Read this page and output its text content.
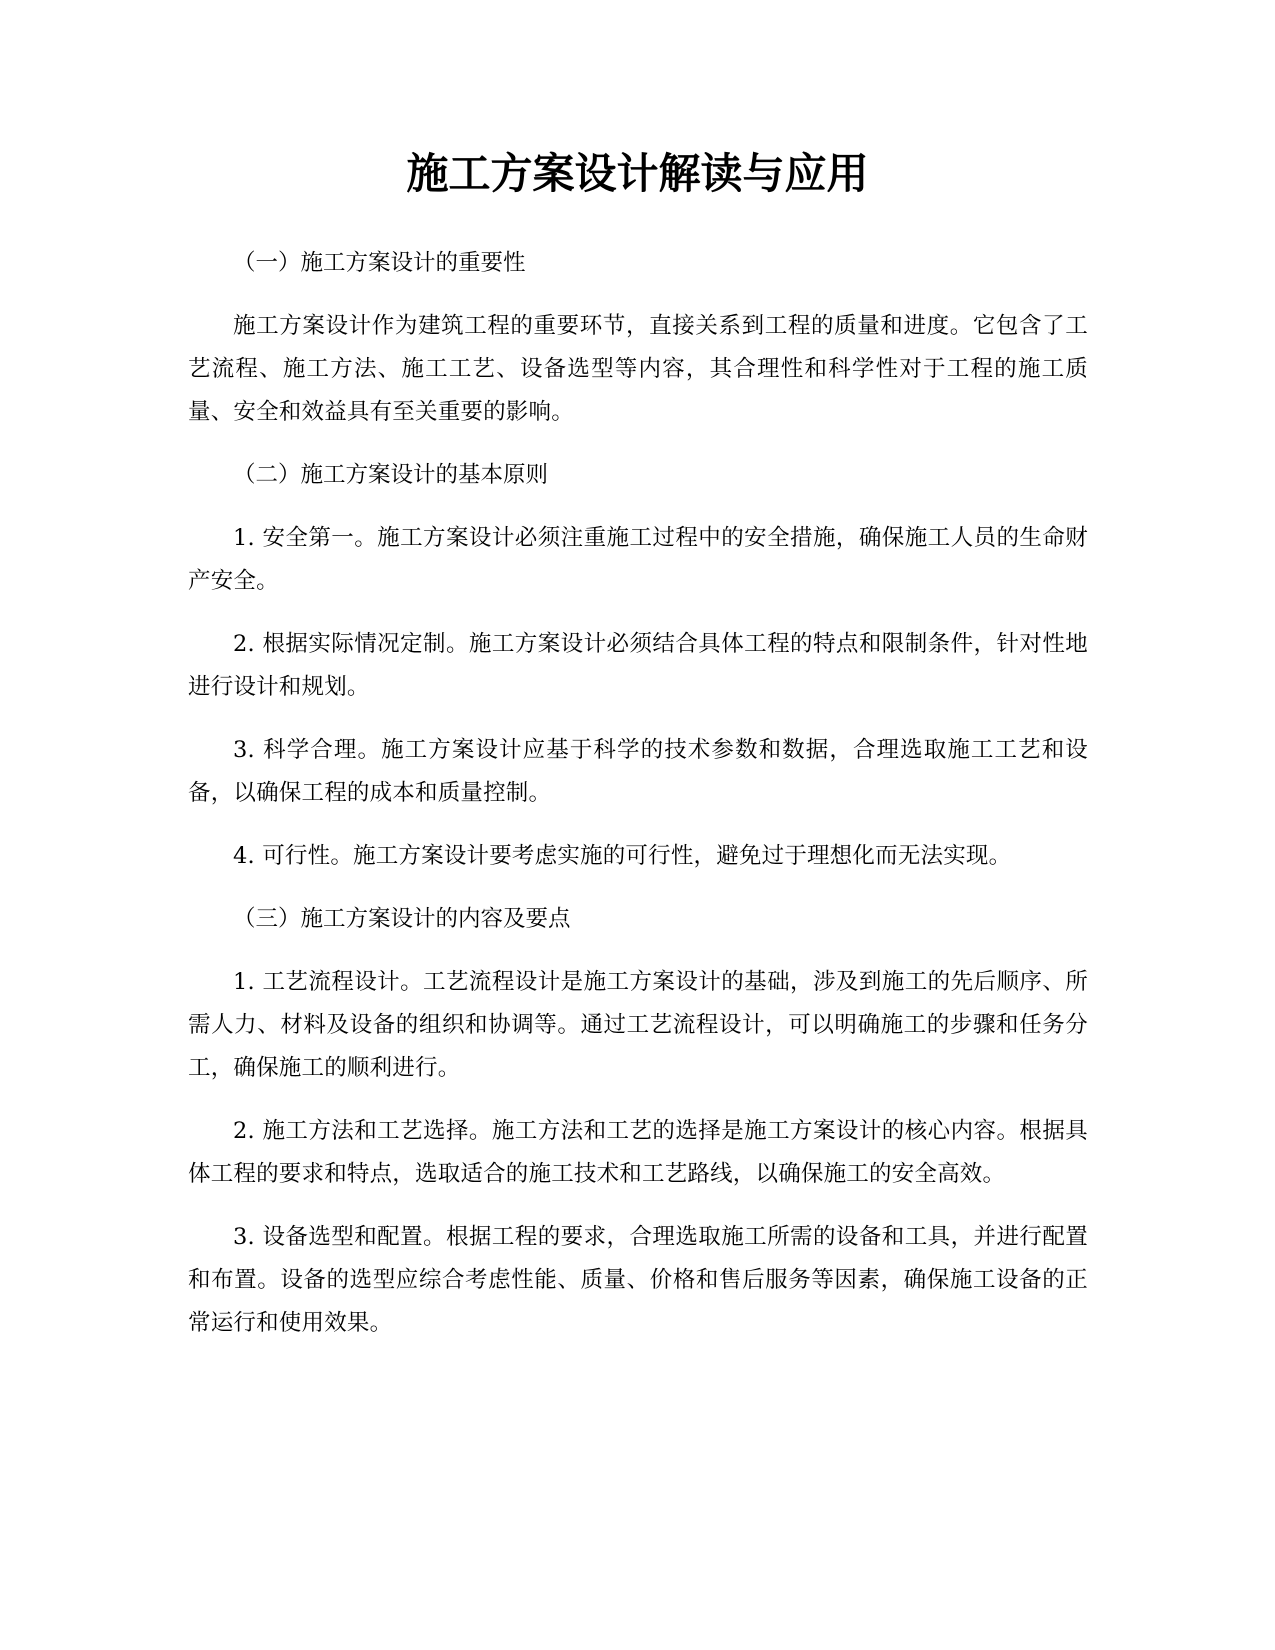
施工方案设计解读与应用

（一）施工方案设计的重要性

施工方案设计作为建筑工程的重要环节，直接关系到工程的质量和进度。它包含了工艺流程、施工方法、施工工艺、设备选型等内容，其合理性和科学性对于工程的施工质量、安全和效益具有至关重要的影响。

（二）施工方案设计的基本原则

1. 安全第一。施工方案设计必须注重施工过程中的安全措施，确保施工人员的生命财产安全。

2. 根据实际情况定制。施工方案设计必须结合具体工程的特点和限制条件，针对性地进行设计和规划。

3. 科学合理。施工方案设计应基于科学的技术参数和数据，合理选取施工工艺和设备，以确保工程的成本和质量控制。

4. 可行性。施工方案设计要考虑实施的可行性，避免过于理想化而无法实现。

（三）施工方案设计的内容及要点

1. 工艺流程设计。工艺流程设计是施工方案设计的基础，涉及到施工的先后顺序、所需人力、材料及设备的组织和协调等。通过工艺流程设计，可以明确施工的步骤和任务分工，确保施工的顺利进行。

2. 施工方法和工艺选择。施工方法和工艺的选择是施工方案设计的核心内容。根据具体工程的要求和特点，选取适合的施工技术和工艺路线，以确保施工的安全高效。

3. 设备选型和配置。根据工程的要求，合理选取施工所需的设备和工具，并进行配置和布置。设备的选型应综合考虑性能、质量、价格和售后服务等因素，确保施工设备的正常运行和使用效果。
